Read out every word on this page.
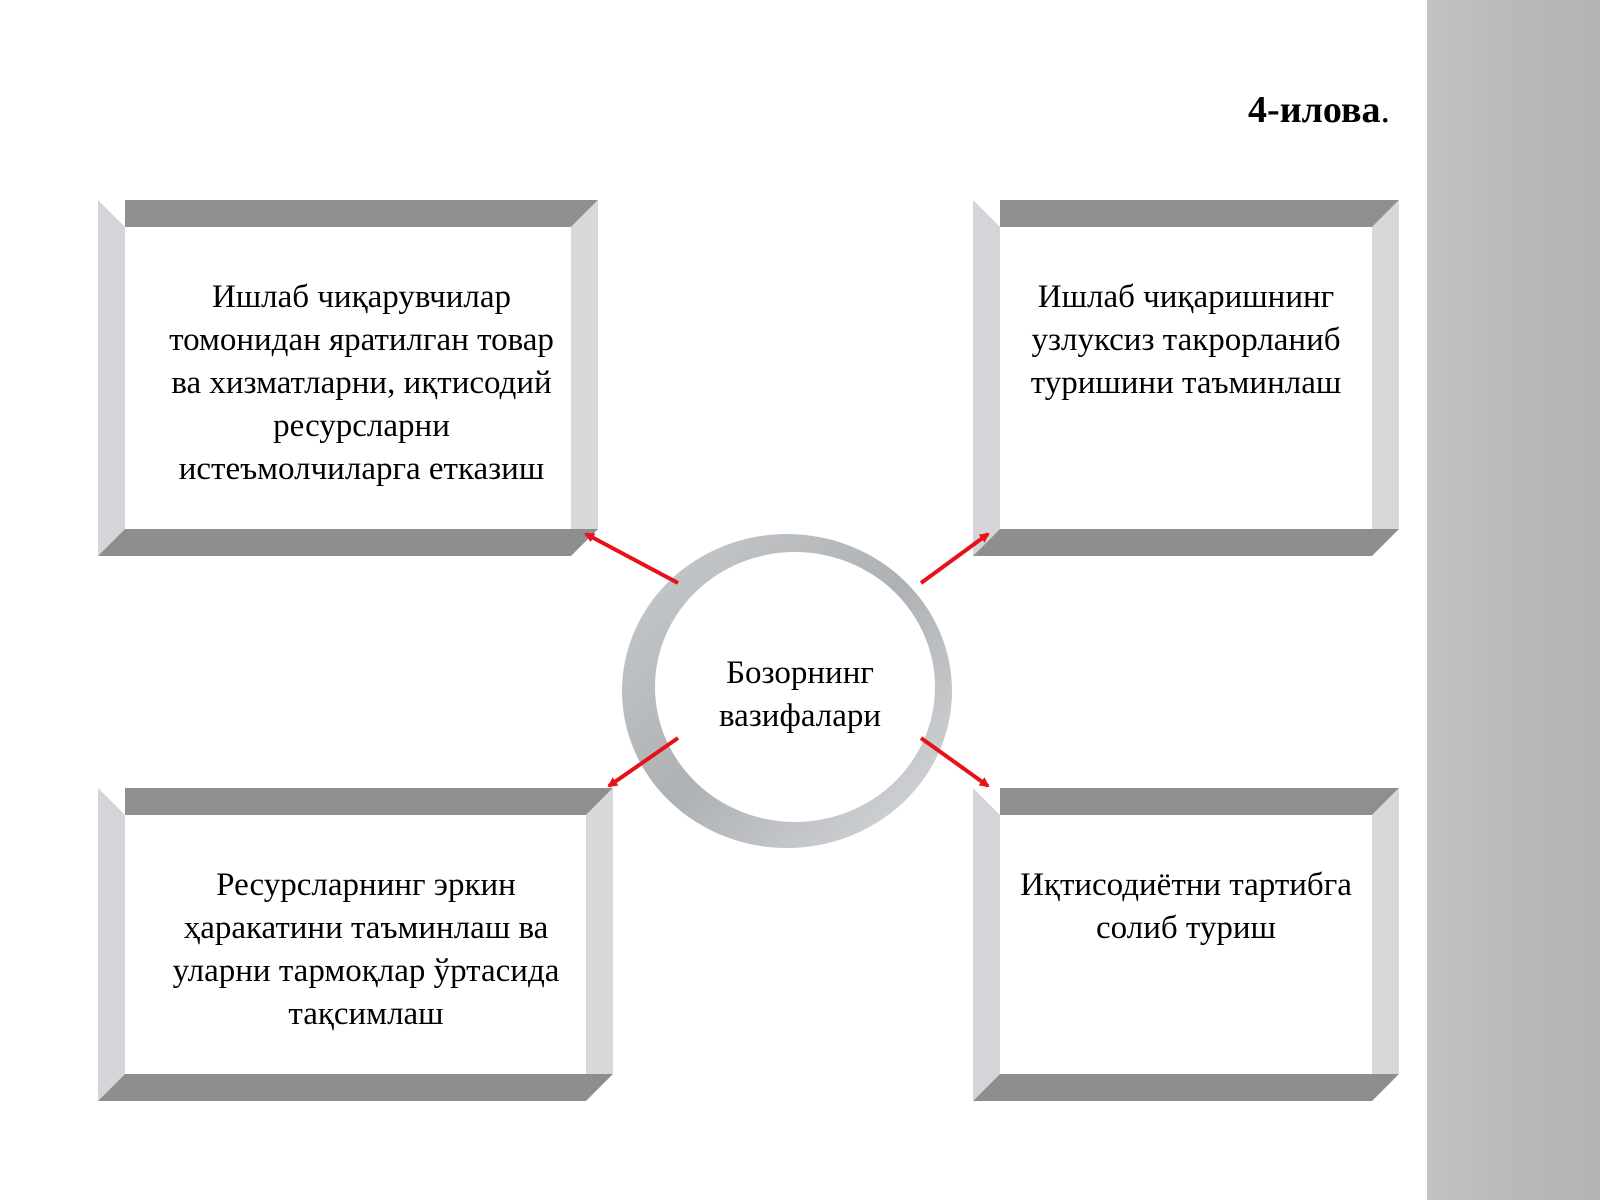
4-илова.
Ишлаб чиқарувчилар
томонидан яратилган товар
ва хизматларни, иқтисодий
ресурсларни
истеъмолчиларга етказиш
Ишлаб чиқаришнинг
узлуксиз такрорланиб
туришини таъминлаш
Ресурсларнинг эркин
ҳаракатини таъминлаш ва
уларни тармоқлар ўртасида
тақсимлаш
Иқтисодиётни тартибга
солиб туриш
Бозорнинг
вазифалари
